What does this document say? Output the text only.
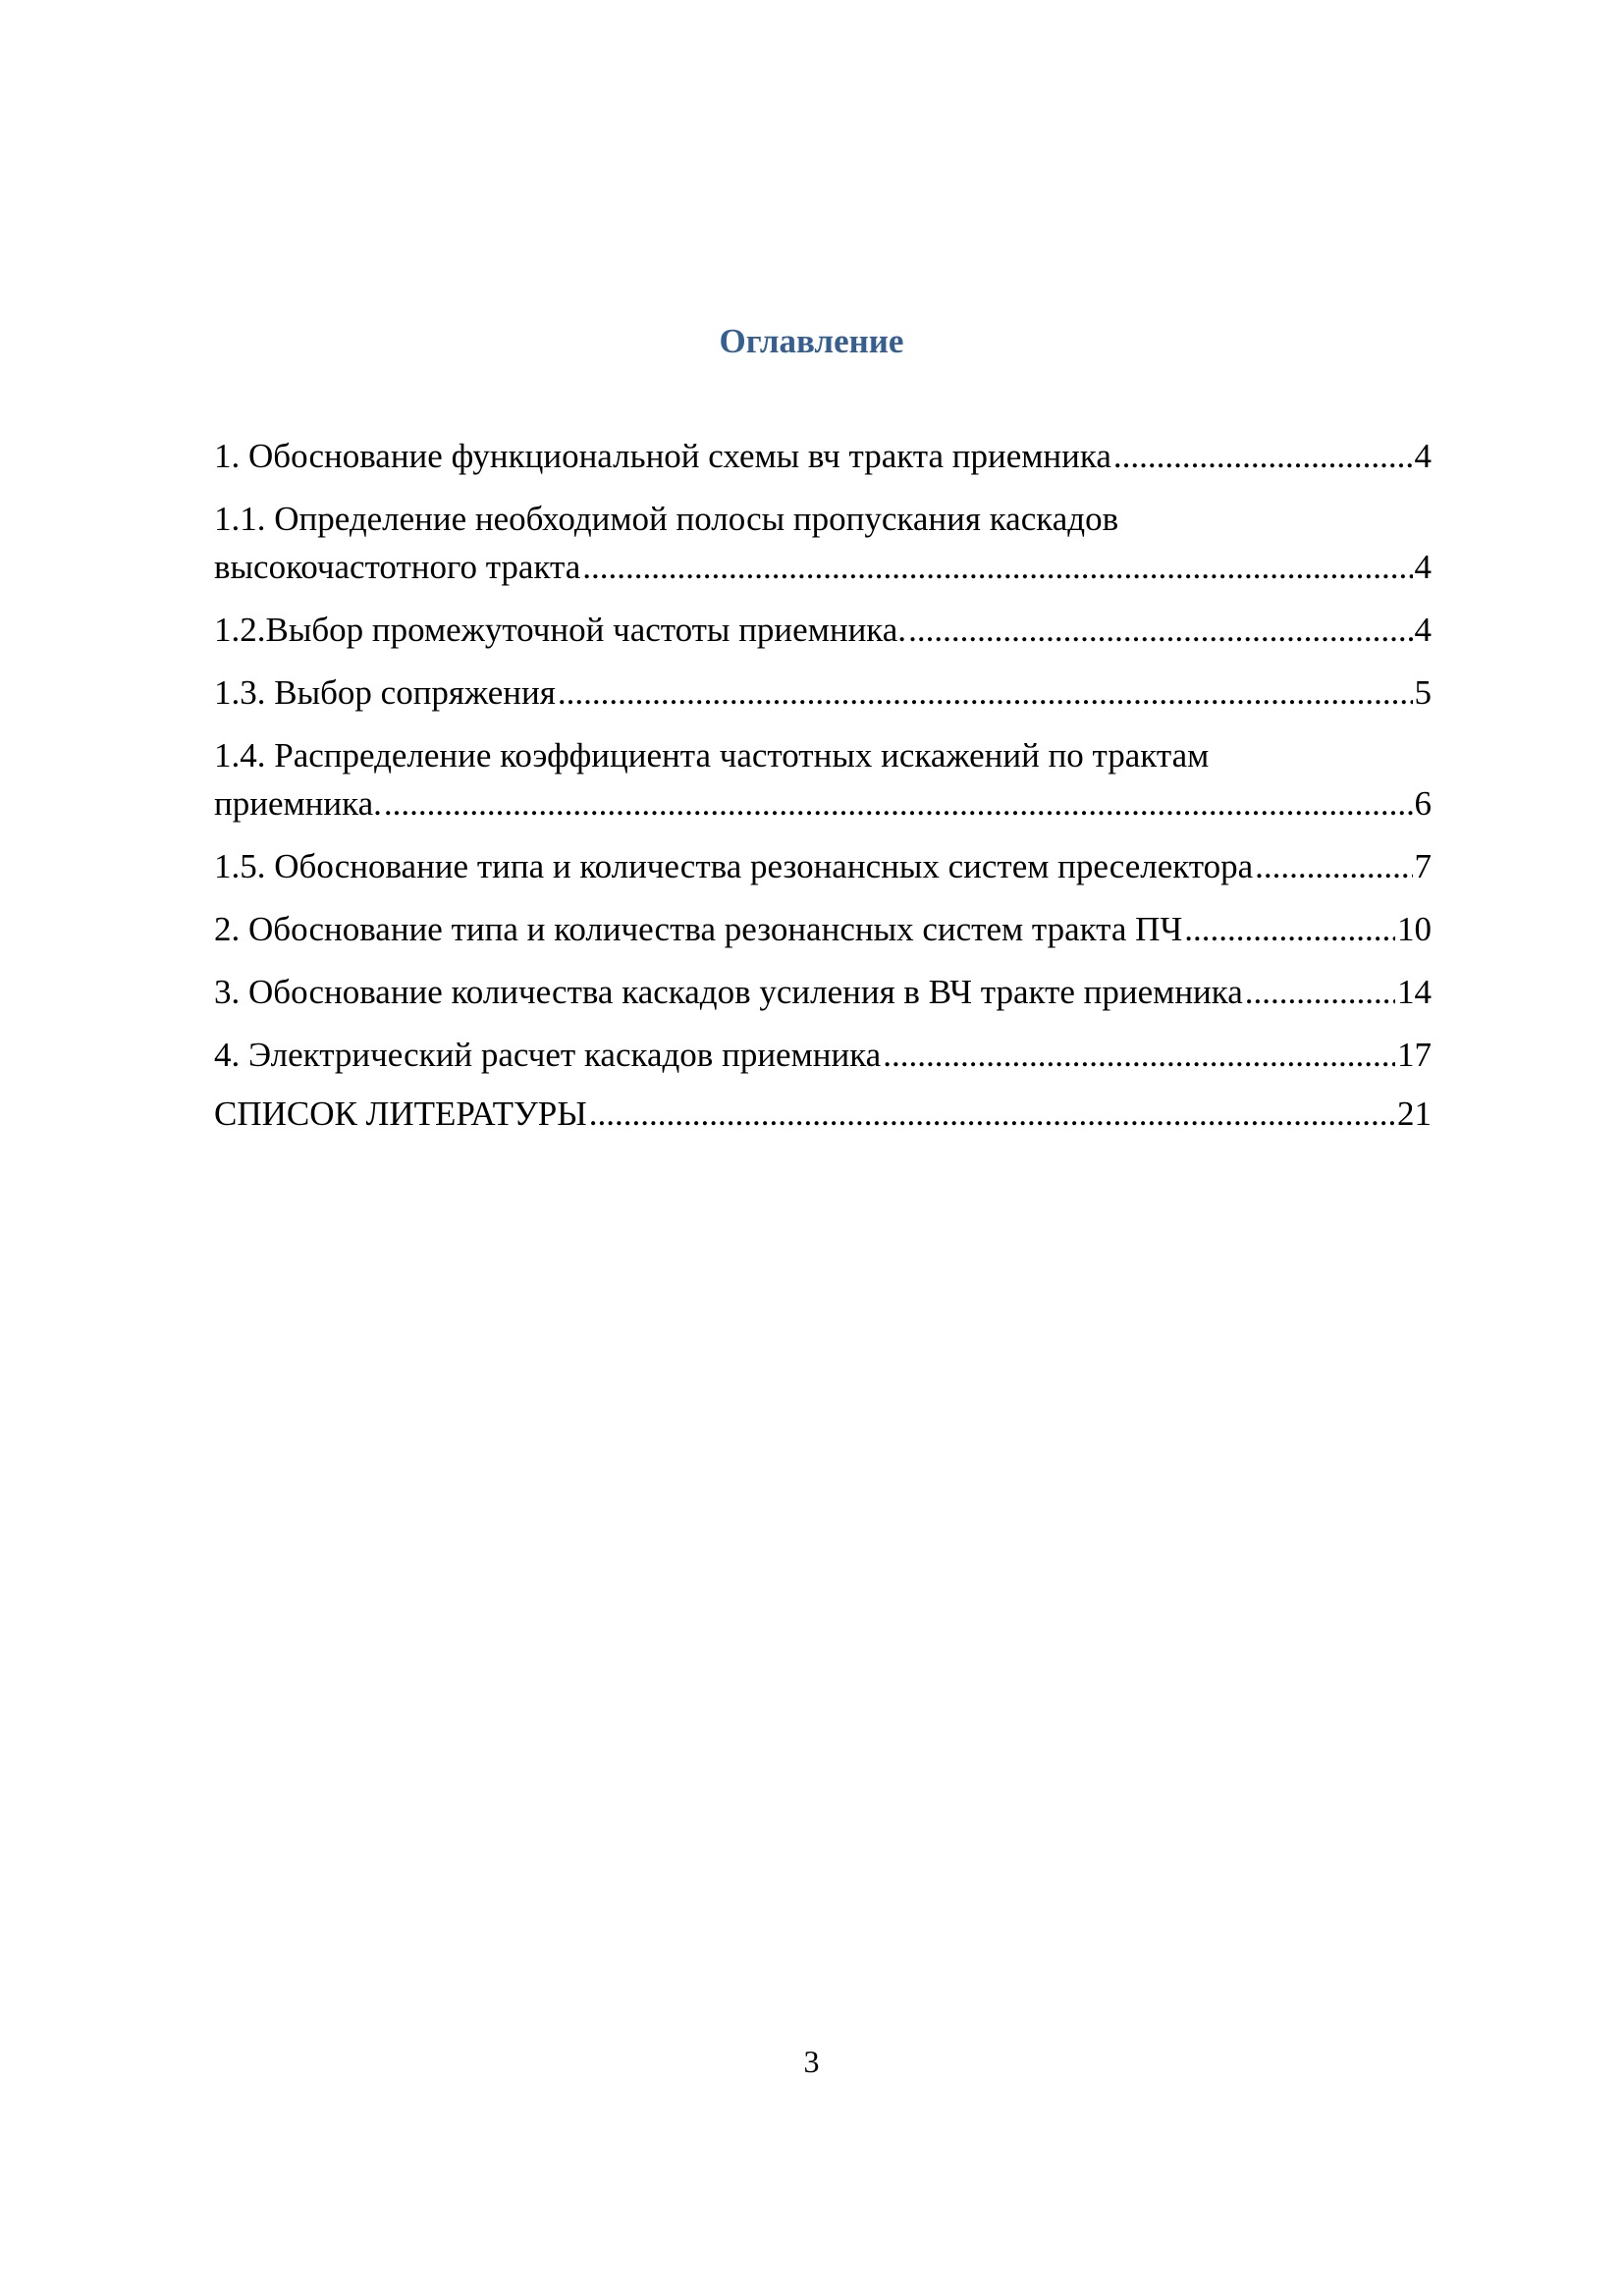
Оглавление
1. Обоснование функциональной схемы вч тракта приемника .....	4
1.1. Определение необходимой полосы пропускания каскадов
высокочастотного тракта .....	4
1.2.Выбор промежуточной частоты приемника. .....	4
1.3. Выбор сопряжения .....	5
1.4. Распределение коэффициента частотных искажений по трактам
приемника. .....	6
1.5. Обоснование типа и количества резонансных систем преселектора .....	7
2. Обоснование типа и количества резонансных систем тракта ПЧ .....	10
3. Обоснование количества каскадов усиления в ВЧ тракте приемника .....	14
4. Электрический расчет каскадов приемника .....	17
СПИСОК ЛИТЕРАТУРЫ .....	21
3
